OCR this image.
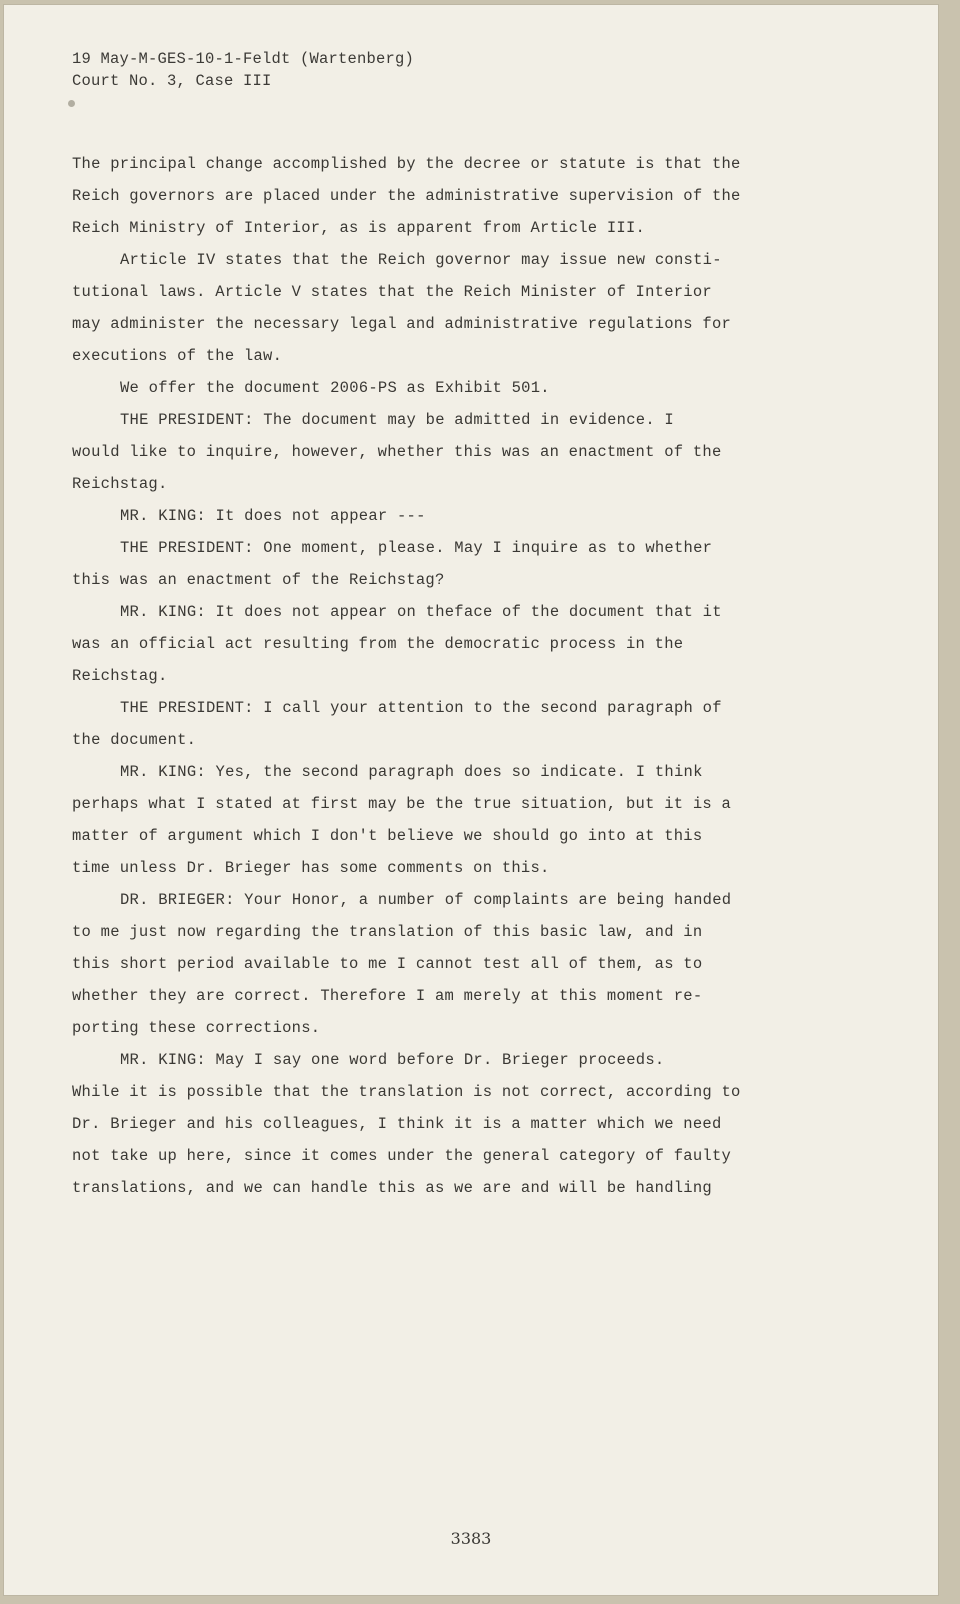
19 May-M-GES-10-1-Feldt (Wartenberg)
Court No. 3, Case III
The principal change accomplished by the decree or statute is that the
Reich governors are placed under the administrative supervision of the
Reich Ministry of Interior, as is apparent from Article III.
Article IV states that the Reich governor may issue new consti-
tutional laws. Article V states that the Reich Minister of Interior
may administer the necessary legal and administrative regulations for
executions of the law.
We offer the document 2006-PS as Exhibit 501.
THE PRESIDENT: The document may be admitted in evidence. I
would like to inquire, however, whether this was an enactment of the
Reichstag.
MR. KING: It does not appear ---
THE PRESIDENT: One moment, please. May I inquire as to whether
this was an enactment of the Reichstag?
MR. KING: It does not appear on theface of the document that it
was an official act resulting from the democratic process in the
Reichstag.
THE PRESIDENT: I call your attention to the second paragraph of
the document.
MR. KING: Yes, the second paragraph does so indicate. I think
perhaps what I stated at first may be the true situation, but it is a
matter of argument which I don't believe we should go into at this
time unless Dr. Brieger has some comments on this.
DR. BRIEGER: Your Honor, a number of complaints are being handed
to me just now regarding the translation of this basic law, and in
this short period available to me I cannot test all of them, as to
whether they are correct. Therefore I am merely at this moment re-
porting these corrections.
MR. KING: May I say one word before Dr. Brieger proceeds.
While it is possible that the translation is not correct, according to
Dr. Brieger and his colleagues, I think it is a matter which we need
not take up here, since it comes under the general category of faulty
translations, and we can handle this as we are and will be handling
3383
